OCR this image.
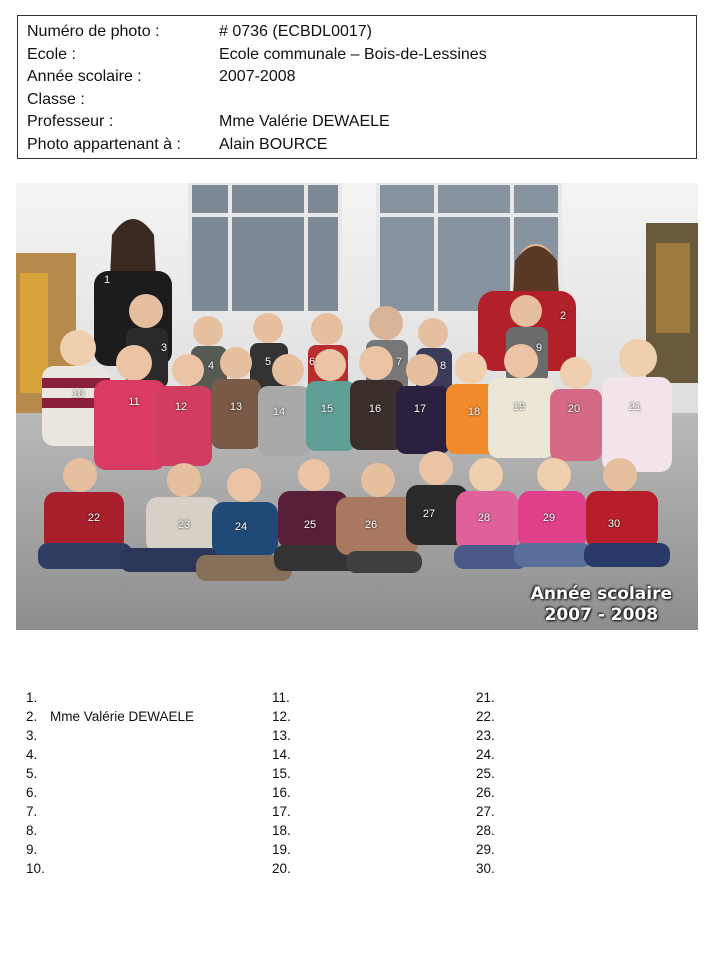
Numéro de photo :	# 0736 (ECBDL0017)
Ecole :	Ecole communale – Bois-de-Lessines
Année scolaire :	2007-2008
Classe :
Professeur :	Mme Valérie DEWAELE
Photo appartenant à :	Alain BOURCE
1
2
3
4	5	6	7	8
9
10
11	12	13	14	15	16	17	18	19	20	21
22
23	24	25	26
27	28	29	30
Année scolaire
2007 - 2008
1.
2. Mme Valérie DEWAELE
3.
4.
5.
6.
7.
8.
9.
10.
11.
12.
13.
14.
15.
16.
17.
18.
19.
20.
21.
22.
23.
24.
25.
26.
27.
28.
29.
30.
